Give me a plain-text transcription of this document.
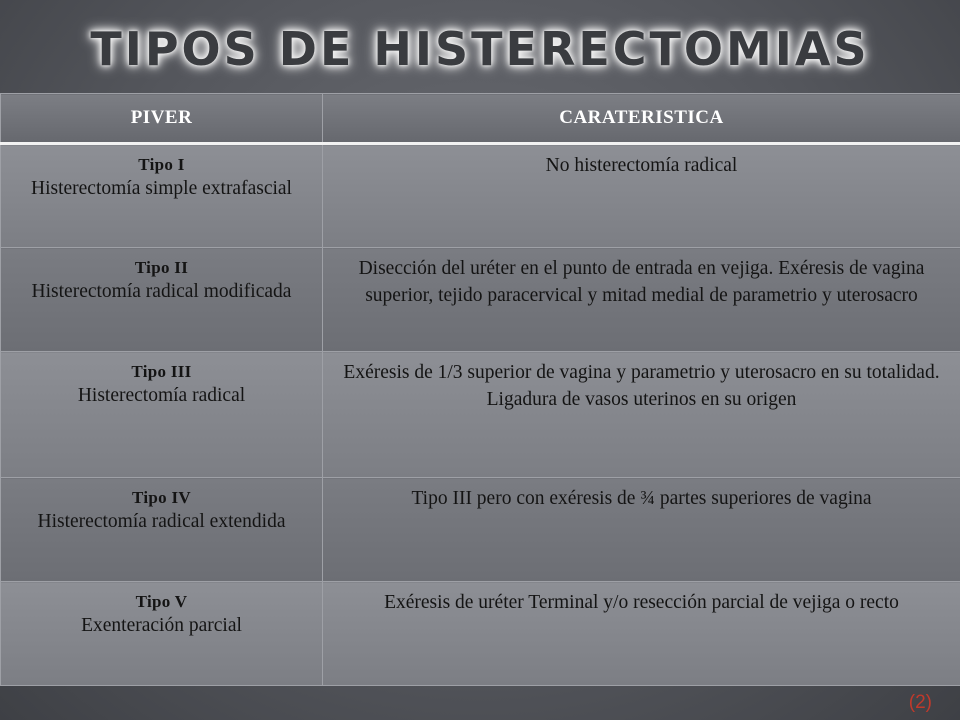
TIPOS DE HISTERECTOMIAS
PIVER	CARATERISTICA

Tipo I
Histerectomía simple extrafascial	No histerectomía radical

Tipo II
Histerectomía radical modificada	Disección del uréter en el punto de entrada en vejiga. Exéresis de vagina superior, tejido paracervical y mitad medial de parametrio y uterosacro

Tipo III
Histerectomía radical	Exéresis de 1/3 superior de vagina y parametrio y uterosacro en su totalidad. Ligadura de vasos uterinos en su origen

Tipo IV
Histerectomía radical extendida	Tipo III pero con exéresis de ¾ partes superiores de vagina

Tipo V
Exenteración parcial	Exéresis de uréter Terminal y/o resección parcial de vejiga o recto
(2)
